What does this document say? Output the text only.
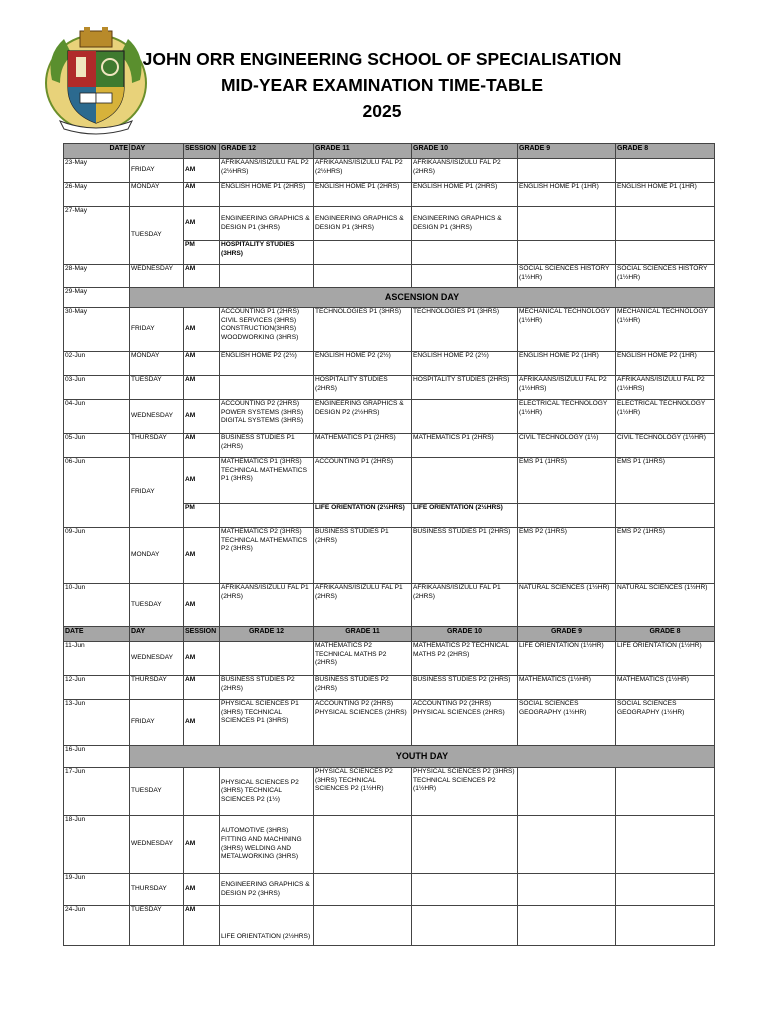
JOHN ORR ENGINEERING SCHOOL OF SPECIALISATION
MID-YEAR EXAMINATION TIME-TABLE
2025
DATE	DAY	SESSION	GRADE 12	GRADE 11	GRADE 10	GRADE 9	GRADE 8
23-May	FRIDAY	AM	AFRIKAANS/ISIZULU FAL P2 (2½HRS)	AFRIKAANS/ISIZULU FAL P2 (2½HRS)	AFRIKAANS/ISIZULU FAL P2 (2HRS)		
26-May	MONDAY	AM	ENGLISH HOME P1 (2HRS)	ENGLISH HOME P1 (2HRS)	ENGLISH HOME P1 (2HRS)	ENGLISH HOME P1 (1HR)	ENGLISH HOME P1 (1HR)
27-May	TUESDAY	AM	ENGINEERING GRAPHICS & DESIGN P1 (3HRS)	ENGINEERING GRAPHICS & DESIGN P1 (3HRS)	ENGINEERING GRAPHICS & DESIGN P1 (3HRS)		
		PM	HOSPITALITY STUDIES (3HRS)				
28-May	WEDNESDAY	AM				SOCIAL SCIENCES HISTORY (1½HR)	SOCIAL SCIENCES HISTORY (1½HR)
29-May	ASCENSION DAY						
30-May	FRIDAY	AM	ACCOUNTING P1 (2HRS) CIVIL SERVICES (3HRS) CONSTRUCTION(3HRS) WOODWORKING (3HRS)	TECHNOLOGIES P1 (3HRS)	TECHNOLOGIES P1 (3HRS)	MECHANICAL TECHNOLOGY (1½HR)	MECHANICAL TECHNOLOGY (1½HR)
02-Jun	MONDAY	AM	ENGLISH HOME P2 (2½)	ENGLISH HOME P2 (2½)	ENGLISH HOME P2 (2½)	ENGLISH HOME P2 (1HR)	ENGLISH HOME P2 (1HR)
03-Jun	TUESDAY	AM		HOSPITALITY STUDIES (2HRS)	HOSPITALITY STUDIES (2HRS)	AFRIKAANS/ISIZULU FAL P2 (1½HRS)	AFRIKAANS/ISIZULU FAL P2 (1½HRS)
04-Jun	WEDNESDAY	AM	ACCOUNTING P2 (2HRS) POWER SYSTEMS (3HRS) DIGITAL SYSTEMS (3HRS)	ENGINEERING GRAPHICS & DESIGN P2 (2½HRS)		ELECTRICAL TECHNOLOGY (1½HR)	ELECTRICAL TECHNOLOGY (1½HR)
05-Jun	THURSDAY	AM	BUSINESS STUDIES P1 (2HRS)	MATHEMATICS P1 (2HRS)	MATHEMATICS P1 (2HRS)	CIVIL TECHNOLOGY (1½)	CIVIL TECHNOLOGY (1½HR)
06-Jun	FRIDAY	AM	MATHEMATICS P1 (3HRS) TECHNICAL MATHEMATICS P1 (3HRS)	ACCOUNTING P1 (2HRS)		EMS P1 (1HRS)	EMS P1 (1HRS)
		PM		LIFE ORIENTATION (2½HRS)	LIFE ORIENTATION (2½HRS)		
09-Jun	MONDAY	AM	MATHEMATICS P2 (3HRS) TECHNICAL MATHEMATICS P2 (3HRS)	BUSINESS STUDIES P1 (2HRS)	BUSINESS STUDIES P1 (2HRS)	EMS P2 (1HRS)	EMS P2 (1HRS)
10-Jun	TUESDAY	AM	AFRIKAANS/ISIZULU FAL P1 (2HRS)	AFRIKAANS/ISIZULU FAL P1 (2HRS)	AFRIKAANS/ISIZULU FAL P1 (2HRS)	NATURAL SCIENCES (1½HR)	NATURAL SCIENCES (1½HR)
DATE	DAY	SESSION	GRADE 12	GRADE 11	GRADE 10	GRADE 9	GRADE 8
11-Jun	WEDNESDAY	AM		MATHEMATICS P2 TECHNICAL MATHS P2 (2HRS)	MATHEMATICS P2 TECHNICAL MATHS P2 (2HRS)	LIFE ORIENTATION (1½HR)	LIFE ORIENTATION (1½HR)
12-Jun	THURSDAY	AM	BUSINESS STUDIES P2 (2HRS)	BUSINESS STUDIES P2 (2HRS)	BUSINESS STUDIES P2 (2HRS)	MATHEMATICS (1½HR)	MATHEMATICS (1½HR)
13-Jun	FRIDAY	AM	PHYSICAL SCIENCES P1 (3HRS) TECHNICAL SCIENCES P1 (3HRS)	ACCOUNTING P2 (2HRS) PHYSICAL SCIENCES (2HRS)	ACCOUNTING P2 (2HRS) PHYSICAL SCIENCES (2HRS)	SOCIAL SCIENCES GEOGRAPHY (1½HR)	SOCIAL SCIENCES GEOGRAPHY (1½HR)
16-Jun	YOUTH DAY						
17-Jun	TUESDAY		PHYSICAL SCIENCES P2 (3HRS) TECHNICAL SCIENCES P2 (1½)	PHYSICAL SCIENCES P2 (3HRS) TECHNICAL SCIENCES P2 (1½HR)	PHYSICAL SCIENCES P2 (3HRS) TECHNICAL SCIENCES P2 (1½HR)		
18-Jun	WEDNESDAY	AM	AUTOMOTIVE (3HRS) FITTING AND MACHINING (3HRS) WELDING AND METALWORKING (3HRS)				
19-Jun	THURSDAY	AM	ENGINEERING GRAPHICS & DESIGN P2 (3HRS)				
24-Jun	TUESDAY	AM	LIFE ORIENTATION (2½HRS)				
